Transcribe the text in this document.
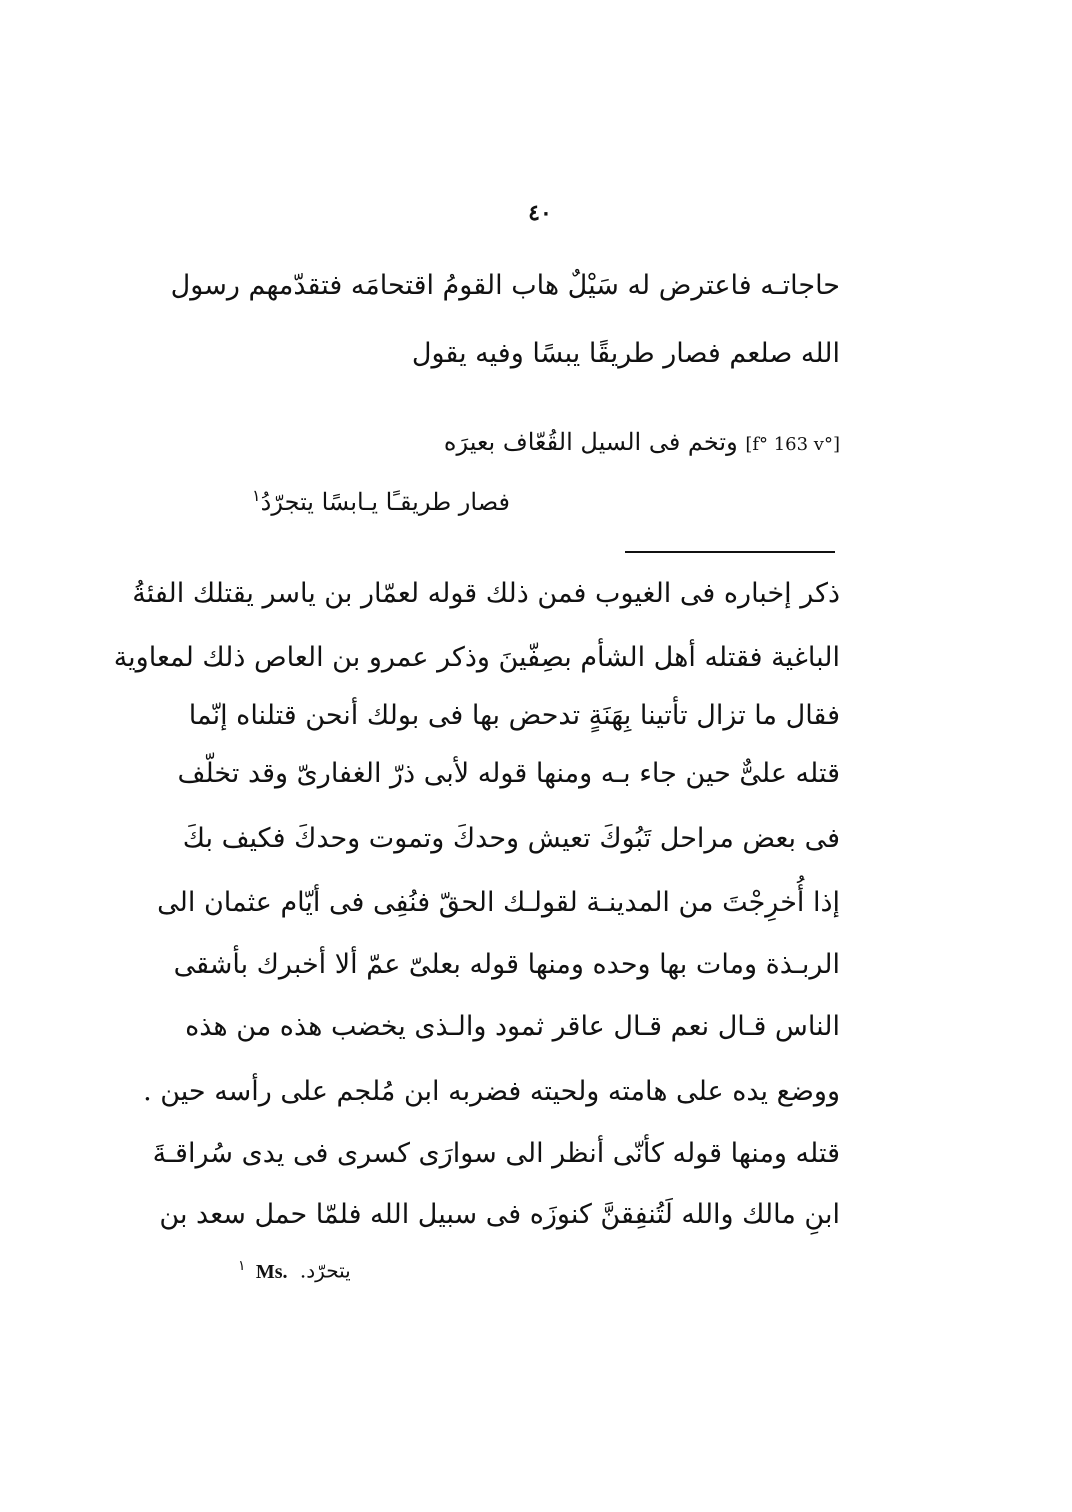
٤٠
حاجاتـه فاعترض له سَيْلٌ هاب القومُ اقتحامَه فتقدّمهم رسول
الله صلعم فصار طريقًا يبسًا وفيه يقول
[f° 163 v°] وتخم فى السيل القُعّاف بعيرَه
فصار طريقـًا يـابسًا يتجرّدُ$^١$
ذكر إخباره فى الغيوب فمن ذلك قوله لعمّار بن ياسر يقتلك الفئةُ
الباغية فقتله أهل الشأم بصِفّينَ وذكر عمرو بن العاص ذلك لمعاوية
فقال ما تزال تأتينا بِهَنَةٍ تدحض بها فى بولك أنحن قتلناه إنّما
قتله علىٌّ حين جاء بـه ومنها قوله لأبى ذرّ الغفارىّ وقد تخلّف
فى بعض مراحل تَبُوكَ تعيش وحدكَ وتموت وحدكَ فكيف بكَ
إذا أُخرِجْتَ من المدينـة لقولـك الحقّ فنُفِى فى أيّام عثمان الى
الربـذة ومات بها وحده ومنها قوله بعلىّ عمّ ألا أخبرك بأشقى
الناس قـال نعم قـال عاقر ثمود والـذى يخضب هذه من هذه
ووضع يده على هامته ولحيته فضربه ابن مُلجم على رأسه حين .
قتله ومنها قوله كأنّى أنظر الى سوارَى كسرى فى يدى سُراقـةَ
ابنِ مالك والله لَتُنفِقنَّ كنوزَه فى سبيل الله فلمّا حمل سعد بن
$^١$ Ms. يتحرّد.
